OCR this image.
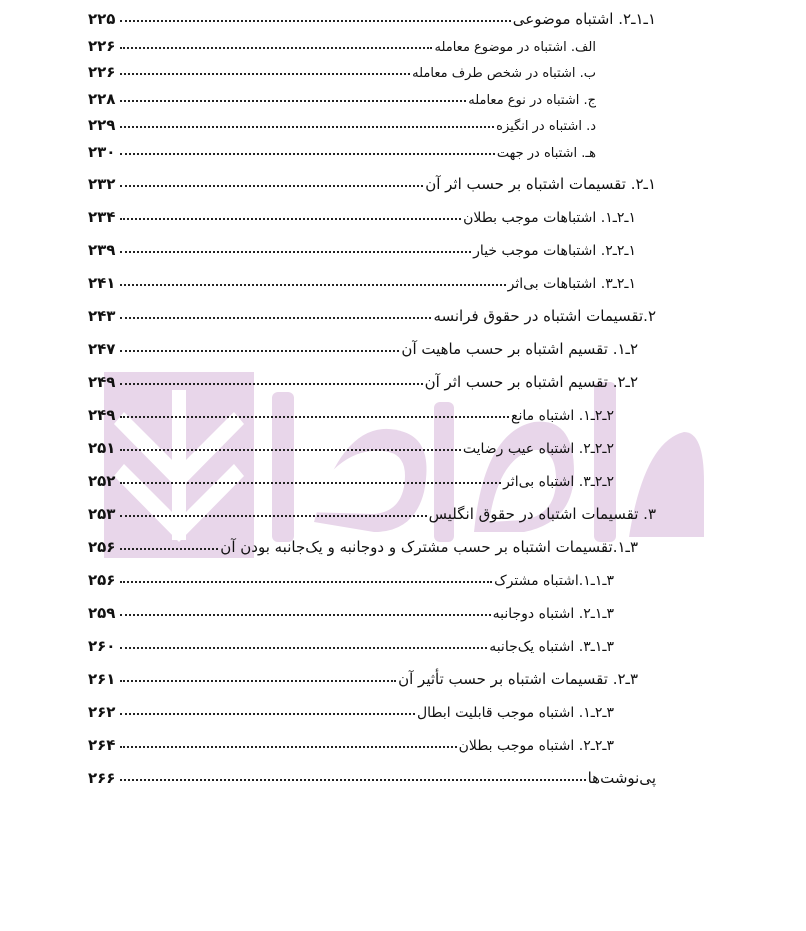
۱ـ۱ـ۲. اشتباه موضوعی
۲۲۵
الف. اشتباه در موضوع معامله
۲۲۶
ب. اشتباه در شخص طرف معامله
۲۲۶
ج. اشتباه در نوع معامله
۲۲۸
د. اشتباه در انگیزه
۲۲۹
هـ. اشتباه در جهت
۲۳۰
۱ـ۲. تقسیمات اشتباه بر حسب اثر آن
۲۳۲
۱ـ۲ـ۱. اشتباهات موجب بطلان
۲۳۴
۱ـ۲ـ۲. اشتباهات موجب خیار
۲۳۹
۱ـ۲ـ۳. اشتباهات بی‌اثر
۲۴۱
۲.تقسیمات اشتباه در حقوق فرانسه
۲۴۳
۲ـ۱. تقسیم اشتباه بر حسب ماهیت آن
۲۴۷
۲ـ۲. تقسیم اشتباه بر حسب اثر آن
۲۴۹
۲ـ۲ـ۱. اشتباه مانع
۲۴۹
۲ـ۲ـ۲. اشتباه عیب رضایت
۲۵۱
۲ـ۲ـ۳. اشتباه بی‌اثر
۲۵۲
۳. تقسیمات اشتباه در حقوق انگلیس
۲۵۳
۳ـ۱.تقسیمات اشتباه بر حسب مشترک و دوجانبه و یک‌جانبه بودن آن
۲۵۶
۳ـ۱ـ۱.اشتباه مشترک
۲۵۶
۳ـ۱ـ۲. اشتباه دوجانبه
۲۵۹
۳ـ۱ـ۳. اشتباه یک‌جانبه
۲۶۰
۳ـ۲. تقسیمات اشتباه بر حسب تأثیر آن
۲۶۱
۳ـ۲ـ۱. اشتباه موجب قابلیت ابطال
۲۶۲
۳ـ۲ـ۲. اشتباه موجب بطلان
۲۶۴
پی‌نوشت‌ها
۲۶۶
